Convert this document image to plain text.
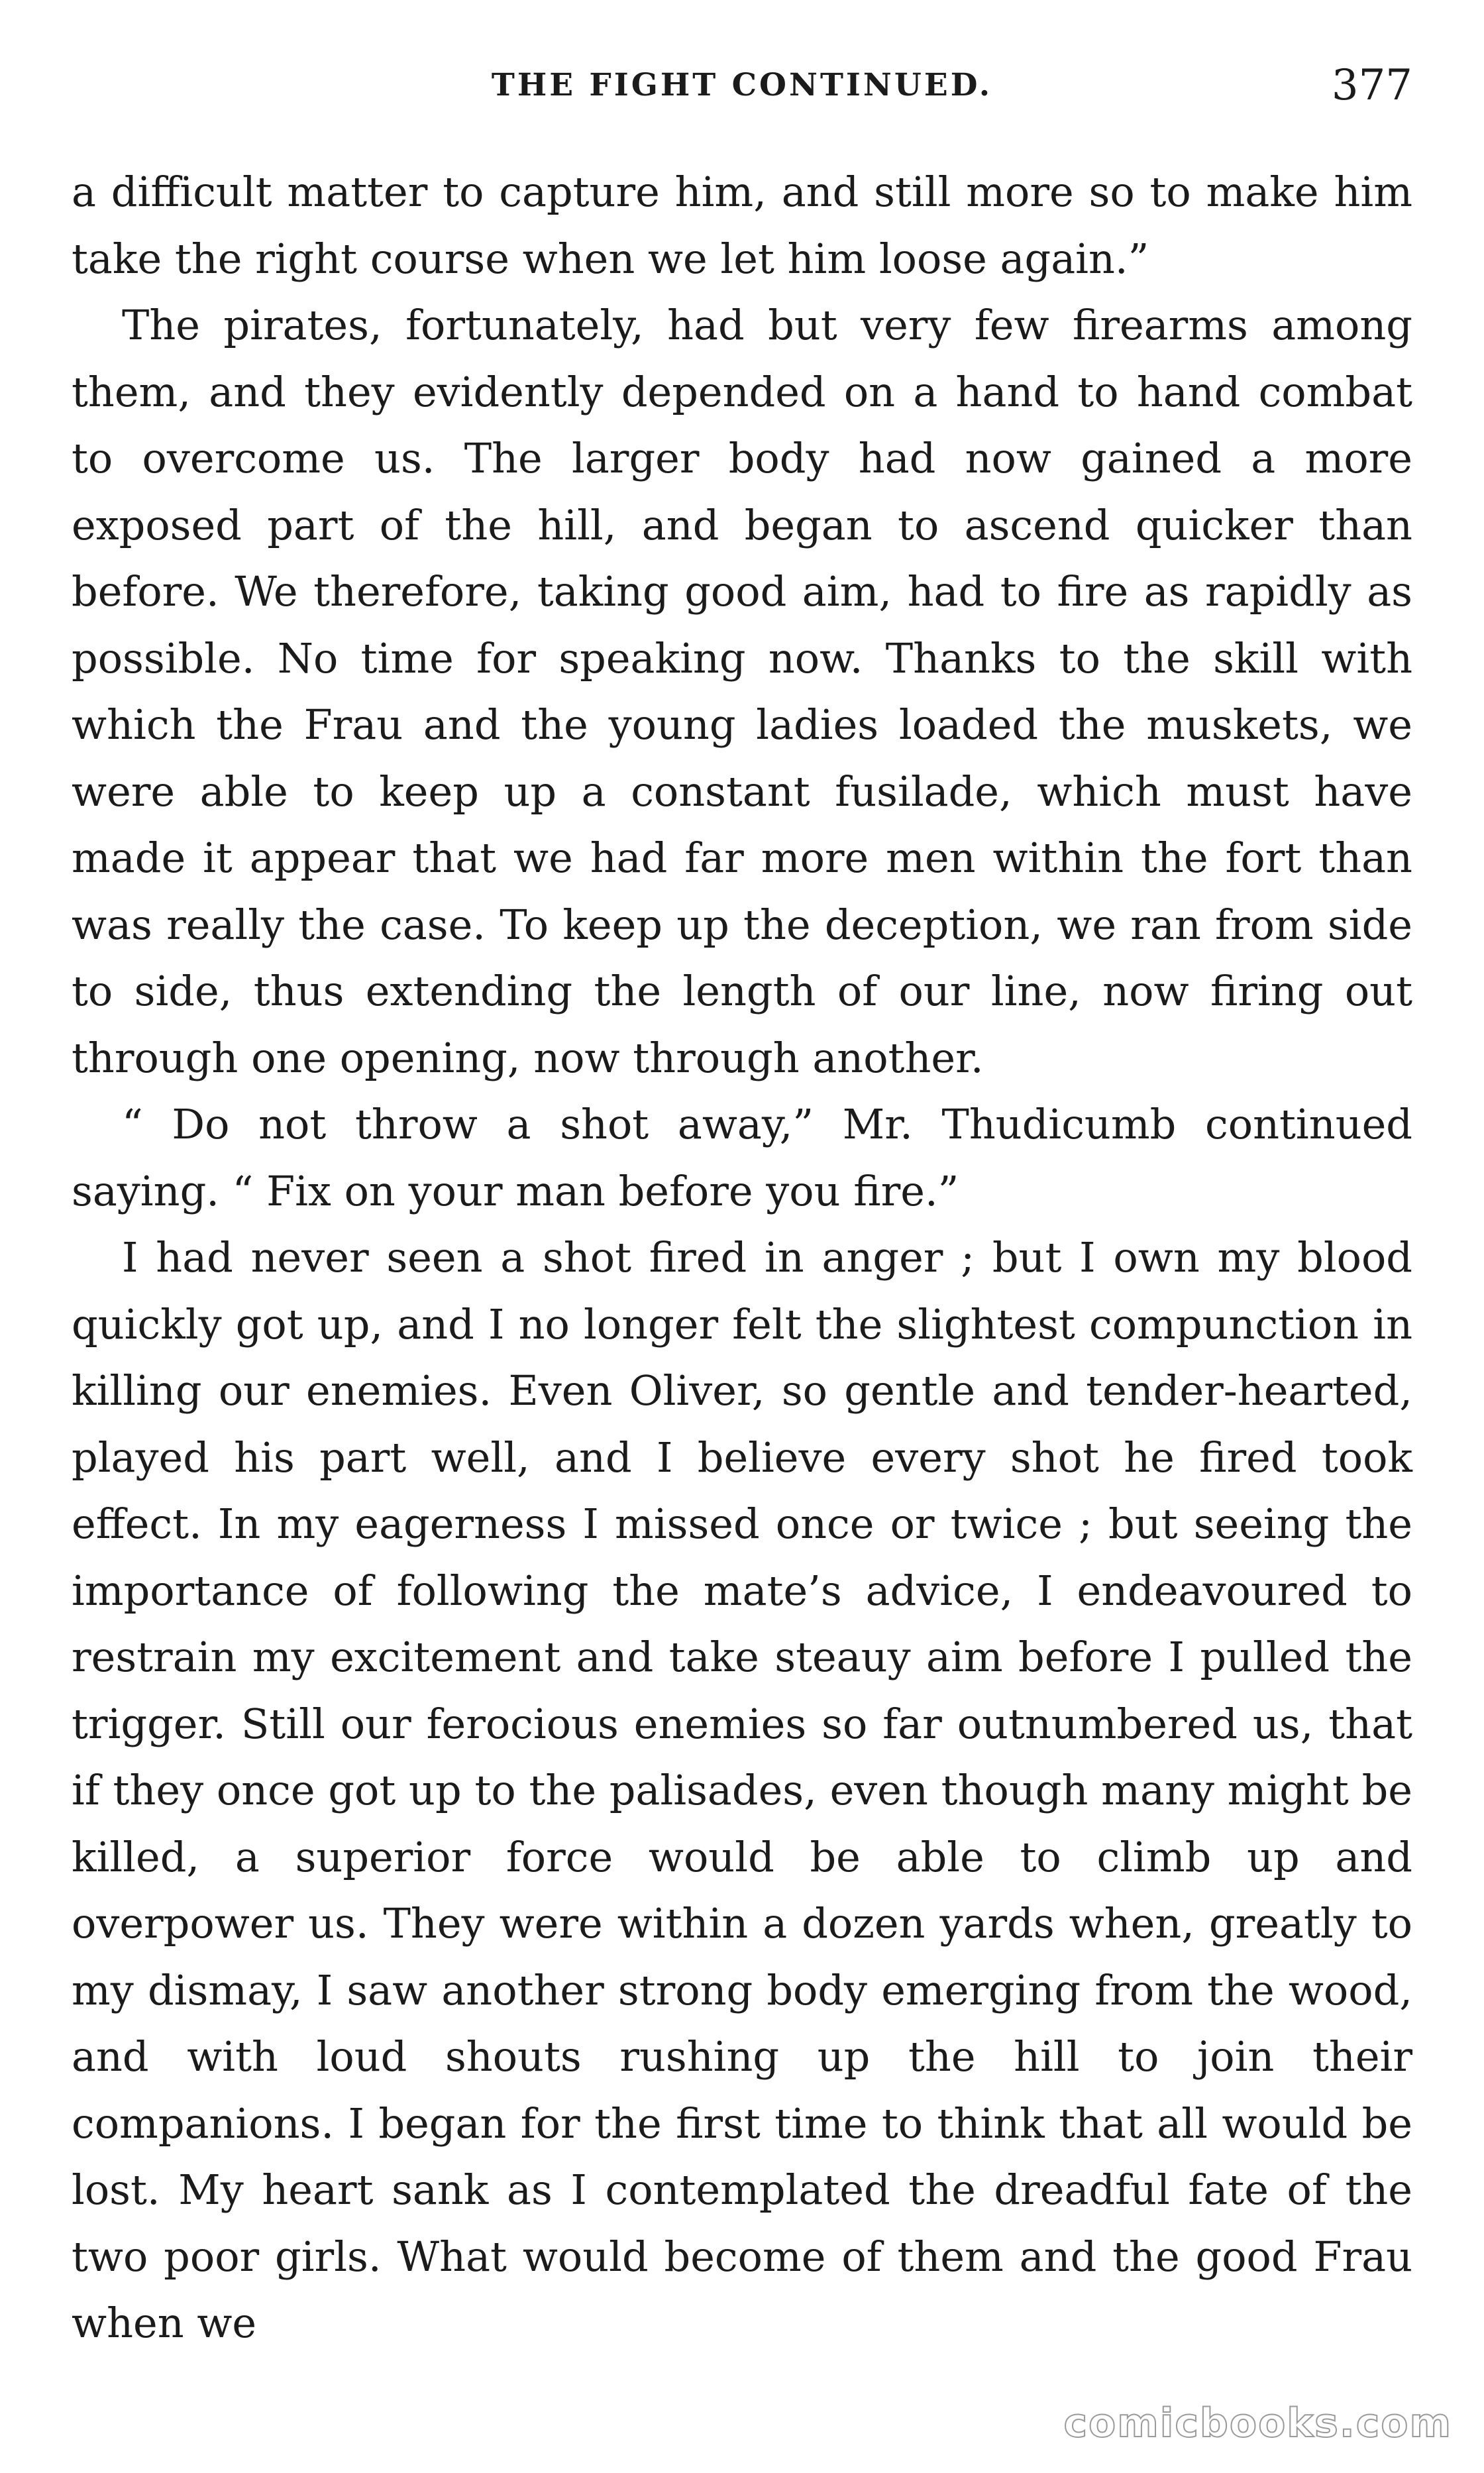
THE FIGHT CONTINUED.	377

a difficult matter to capture him, and still more so to make him take the right course when we let him loose again.”

The pirates, fortunately, had but very few firearms among them, and they evidently depended on a hand to hand combat to overcome us. The larger body had now gained a more exposed part of the hill, and began to ascend quicker than before. We therefore, taking good aim, had to fire as rapidly as possible. No time for speaking now. Thanks to the skill with which the Frau and the young ladies loaded the muskets, we were able to keep up a constant fusilade, which must have made it appear that we had far more men within the fort than was really the case. To keep up the deception, we ran from side to side, thus extending the length of our line, now firing out through one opening, now through another.

“ Do not throw a shot away,” Mr. Thudicumb continued saying. “ Fix on your man before you fire.”

I had never seen a shot fired in anger ; but I own my blood quickly got up, and I no longer felt the slightest compunction in killing our enemies. Even Oliver, so gentle and tender-hearted, played his part well, and I believe every shot he fired took effect. In my eagerness I missed once or twice ; but seeing the importance of following the mate’s advice, I endeavoured to restrain my excitement and take steauy aim before I pulled the trigger. Still our ferocious enemies so far outnumbered us, that if they once got up to the palisades, even though many might be killed, a superior force would be able to climb up and overpower us. They were within a dozen yards when, greatly to my dismay, I saw another strong body emerging from the wood, and with loud shouts rushing up the hill to join their companions. I began for the first time to think that all would be lost. My heart sank as I contemplated the dreadful fate of the two poor girls. What would become of them and the good Frau when we

comicbooks.com
